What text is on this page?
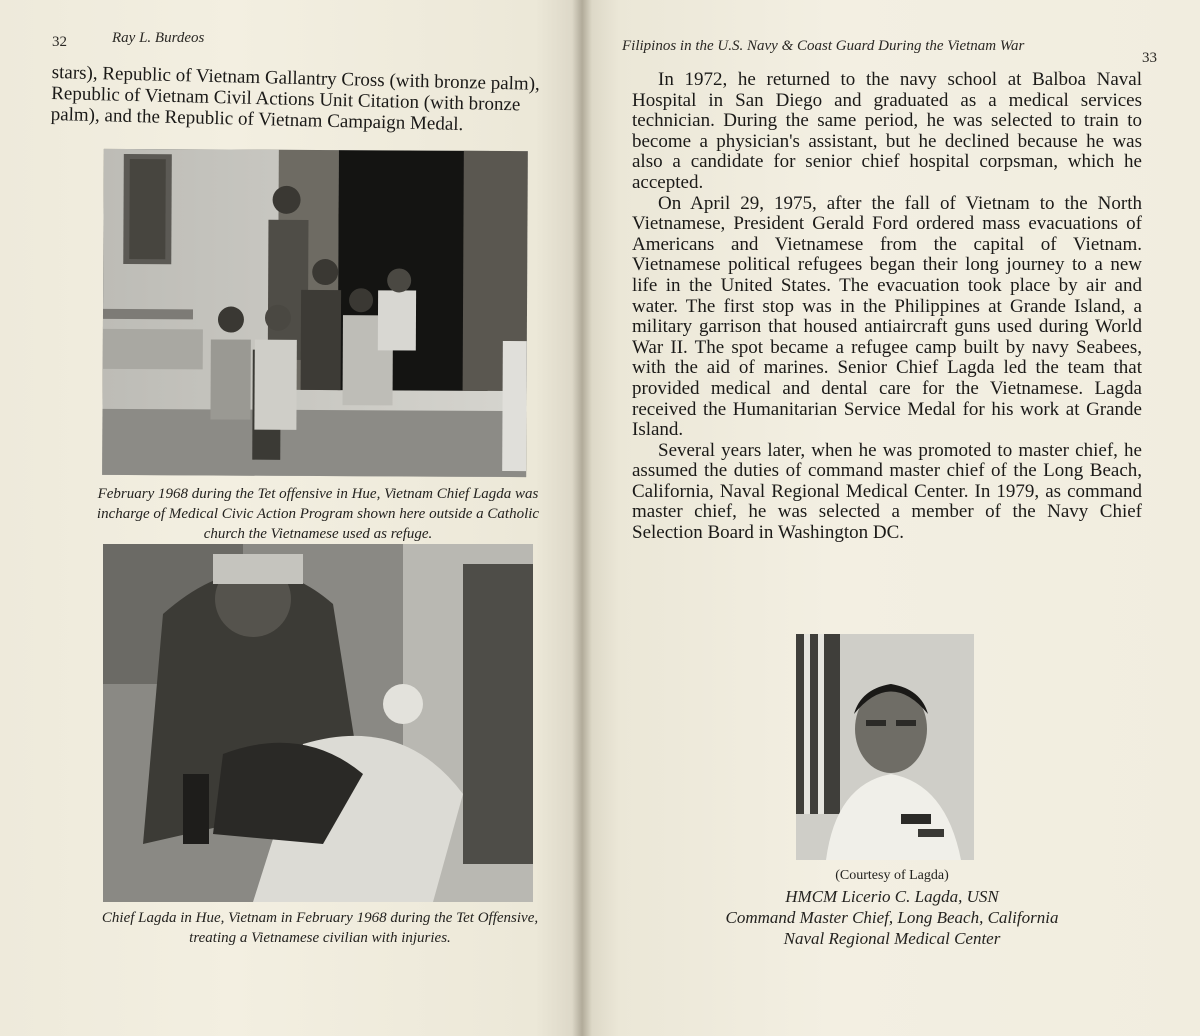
32	Ray L. Burdeos
stars), Republic of Vietnam Gallantry Cross (with bronze palm), Republic of Vietnam Civil Actions Unit Citation (with bronze palm), and the Republic of Vietnam Campaign Medal.
February 1968 during the Tet offensive in Hue, Vietnam Chief Lagda was incharge of Medical Civic Action Program shown here outside a Catholic church the Vietnamese used as refuge.
Chief Lagda in Hue, Vietnam in February 1968 during the Tet Offensive, treating a Vietnamese civilian with injuries.
Filipinos in the U.S. Navy & Coast Guard During the Vietnam War
33

In 1972, he returned to the navy school at Balboa Naval Hospital in San Diego and graduated as a medical services technician. During the same period, he was selected to train to become a physician's assistant, but he declined because he was also a candidate for senior chief hospital corpsman, which he accepted.

On April 29, 1975, after the fall of Vietnam to the North Vietnamese, President Gerald Ford ordered mass evacuations of Americans and Vietnamese from the capital of Vietnam. Vietnamese political refugees began their long journey to a new life in the United States. The evacuation took place by air and water. The first stop was in the Philippines at Grande Island, a military garrison that housed antiaircraft guns used during World War II. The spot became a refugee camp built by navy Seabees, with the aid of marines. Senior Chief Lagda led the team that provided medical and dental care for the Vietnamese. Lagda received the Humanitarian Service Medal for his work at Grande Island.

Several years later, when he was promoted to master chief, he assumed the duties of command master chief of the Long Beach, California, Naval Regional Medical Center. In 1979, as command master chief, he was selected a member of the Navy Chief Selection Board in Washington DC.

(Courtesy of Lagda)
HMCM Licerio C. Lagda, USN
Command Master Chief, Long Beach, California
Naval Regional Medical Center
